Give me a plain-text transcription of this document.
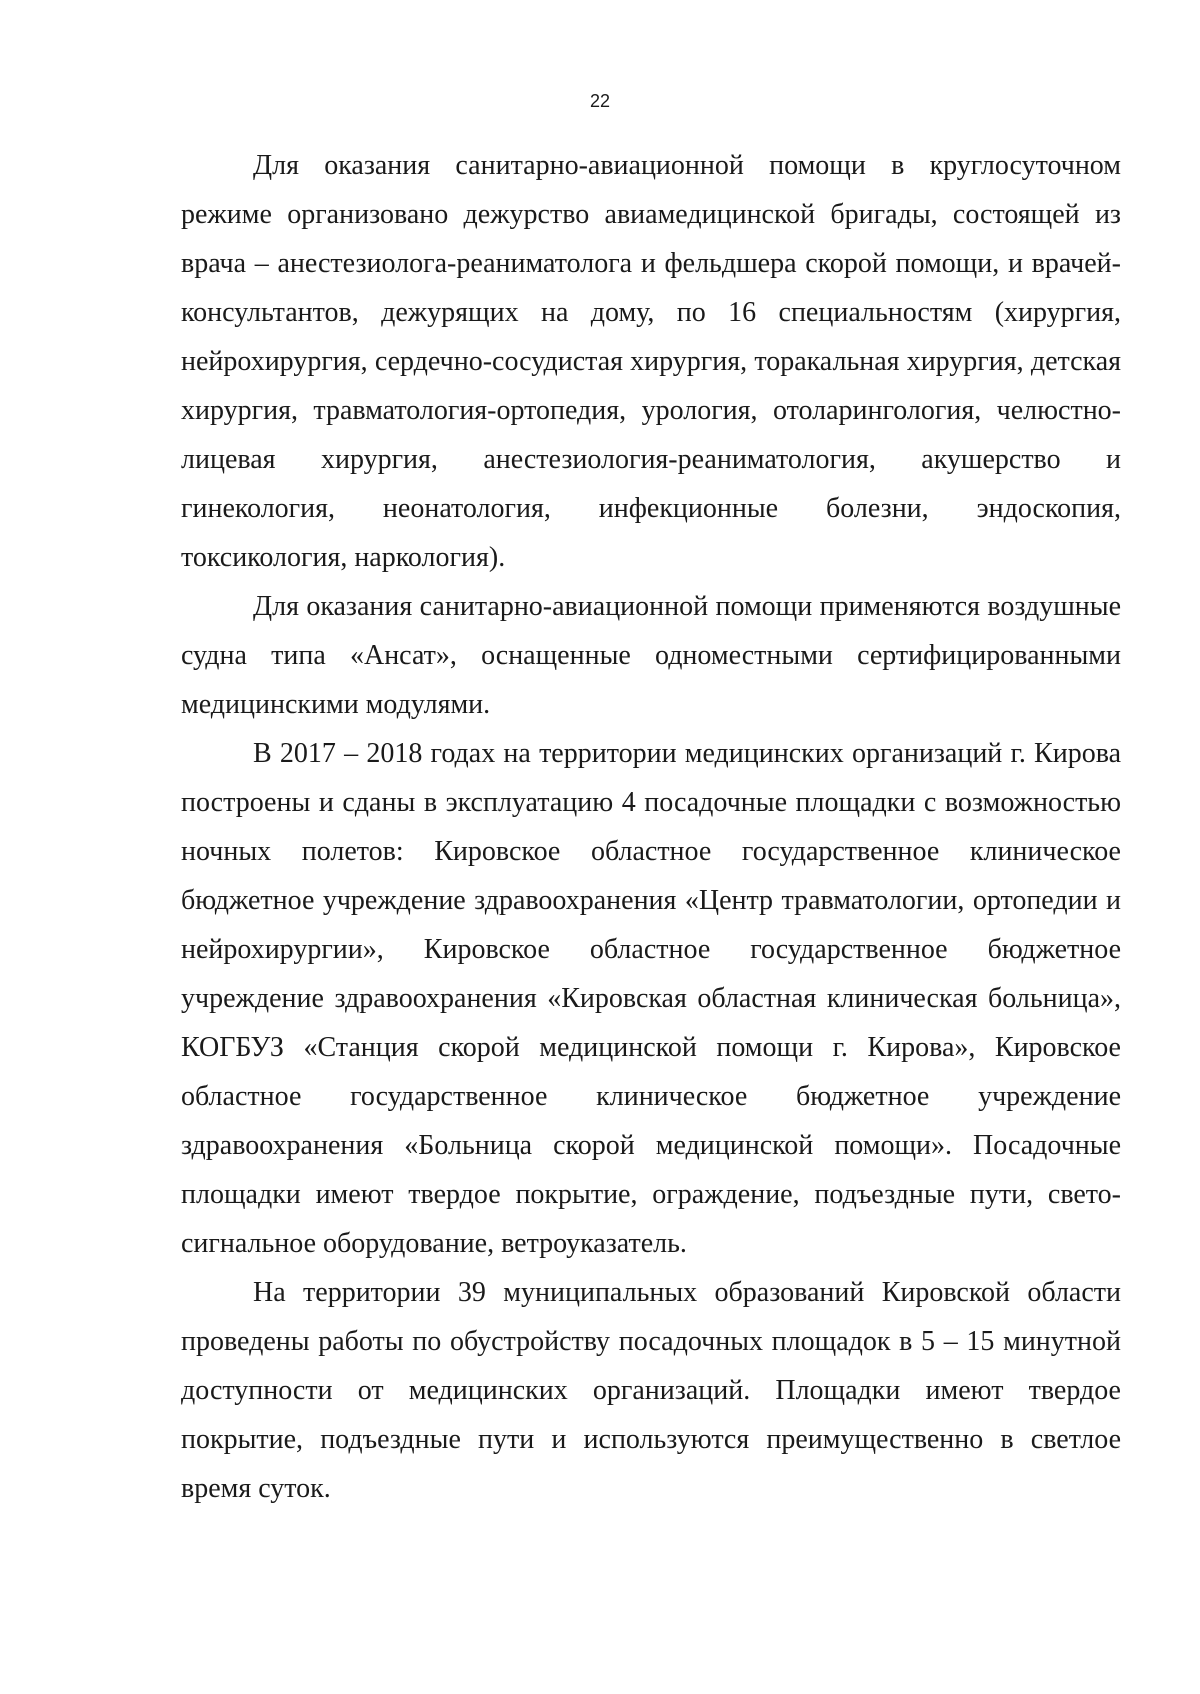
22

Для оказания санитарно-авиационной помощи в круглосуточном режиме организовано дежурство авиамедицинской бригады, состоящей из врача – анестезиолога-реаниматолога и фельдшера скорой помощи, и врачей-консультантов, дежурящих на дому, по 16 специальностям (хирургия, нейрохирургия, сердечно-сосудистая хирургия, торакальная хирургия, детская хирургия, травматология-ортопедия, урология, отоларингология, челюстно-лицевая хирургия, анестезиология-реаниматология, акушерство и гинекология, неонатология, инфекционные болезни, эндоскопия, токсикология, наркология).

Для оказания санитарно-авиационной помощи применяются воздушные судна типа «Ансат», оснащенные одноместными сертифицированными медицинскими модулями.

В 2017 – 2018 годах на территории медицинских организаций г. Кирова построены и сданы в эксплуатацию 4 посадочные площадки с возможностью ночных полетов: Кировское областное государственное клиническое бюджетное учреждение здравоохранения «Центр травматологии, ортопедии и нейрохирургии», Кировское областное государственное бюджетное учреждение здравоохранения «Кировская областная клиническая больница», КОГБУЗ «Станция скорой медицинской помощи г. Кирова», Кировское областное государственное клиническое бюджетное учреждение здравоохранения «Больница скорой медицинской помощи». Посадочные площадки имеют твердое покрытие, ограждение, подъездные пути, свето-сигнальное оборудование, ветроуказатель.

На территории 39 муниципальных образований Кировской области проведены работы по обустройству посадочных площадок в 5 – 15 минутной доступности от медицинских организаций. Площадки имеют твердое покрытие, подъездные пути и используются преимущественно в светлое время суток.
